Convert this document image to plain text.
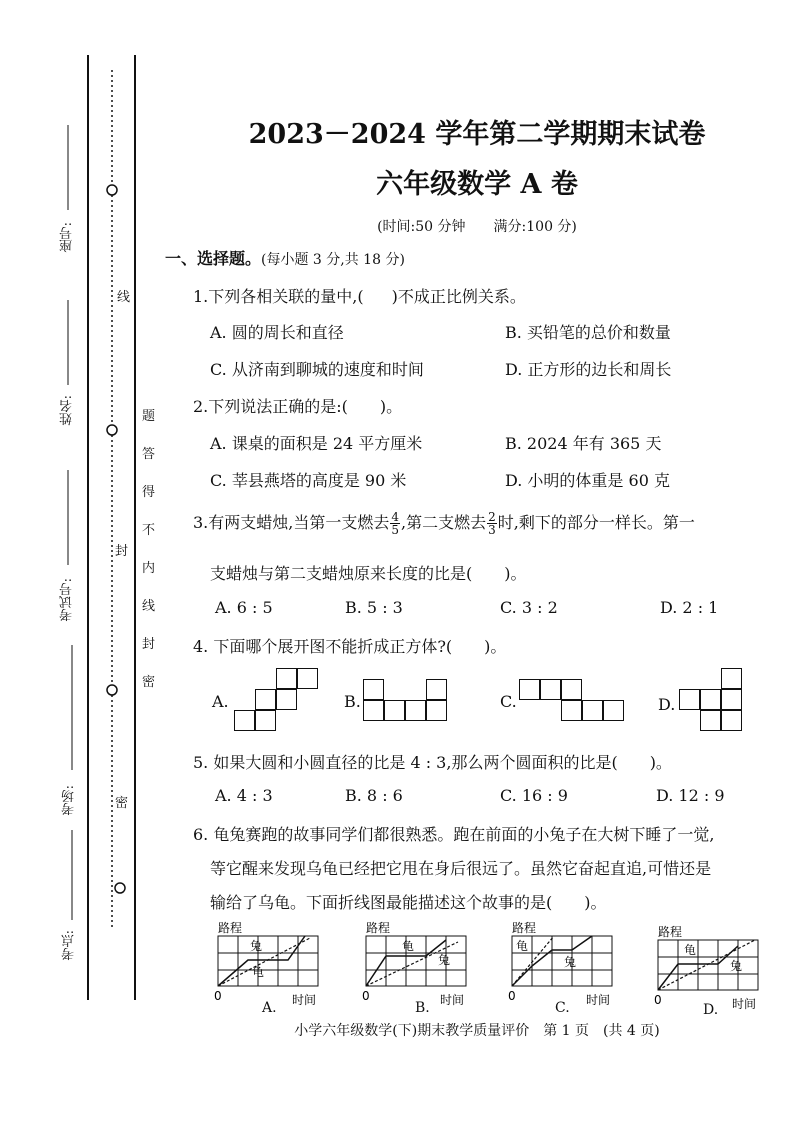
座号:
姓名:
考试号:
考场:
考点:
线
封
密
题
答
得
不
内
线
封
密
2023－2024 学年第二学期期末试卷
六年级数学 A 卷
(时间:50 分钟　　满分:100 分)
一、选择题。(每小题 3 分,共 18 分)
1.下列各相关联的量中,( )不成正比例关系。
A. 圆的周长和直径	B. 买铅笔的总价和数量
C. 从济南到聊城的速度和时间	D. 正方形的边长和周长
2.下列说法正确的是:(　　)。
A. 课桌的面积是 24 平方厘米	B. 2024 年有 365 天
C. 莘县燕塔的高度是 90 米	D. 小明的体重是 60 克
3.有两支蜡烛,当第一支燃去 $\frac{4}{5}$ ,第二支燃去 $\frac{2}{3}$ 时,剩下的部分一样长。第一
支蜡烛与第二支蜡烛原来长度的比是(　　)。
A. 6 : 5	B. 5 : 3	C. 3 : 2	D. 2 : 1
4. 下面哪个展开图不能折成正方体?(　　)。
A.	B.	C.	D.
5. 如果大圆和小圆直径的比是 4 : 3,那么两个圆面积的比是(　　)。
A. 4 : 3	B. 8 : 6	C. 16 : 9	D. 12 : 9
6. 龟兔赛跑的故事同学们都很熟悉。跑在前面的小兔子在大树下睡了一觉,
等它醒来发现乌龟已经把它甩在身后很远了。虽然它奋起直追,可惜还是
输给了乌龟。下面折线图最能描述这个故事的是(　　)。
路程
兔
龟
0	时间
A.
路程
龟
兔
0	时间
B.
路程
龟
兔
0	时间
C.
路程
龟
兔
0	时间
D.
小学六年级数学(下)期末教学质量评价　第 1 页　(共 4 页)
